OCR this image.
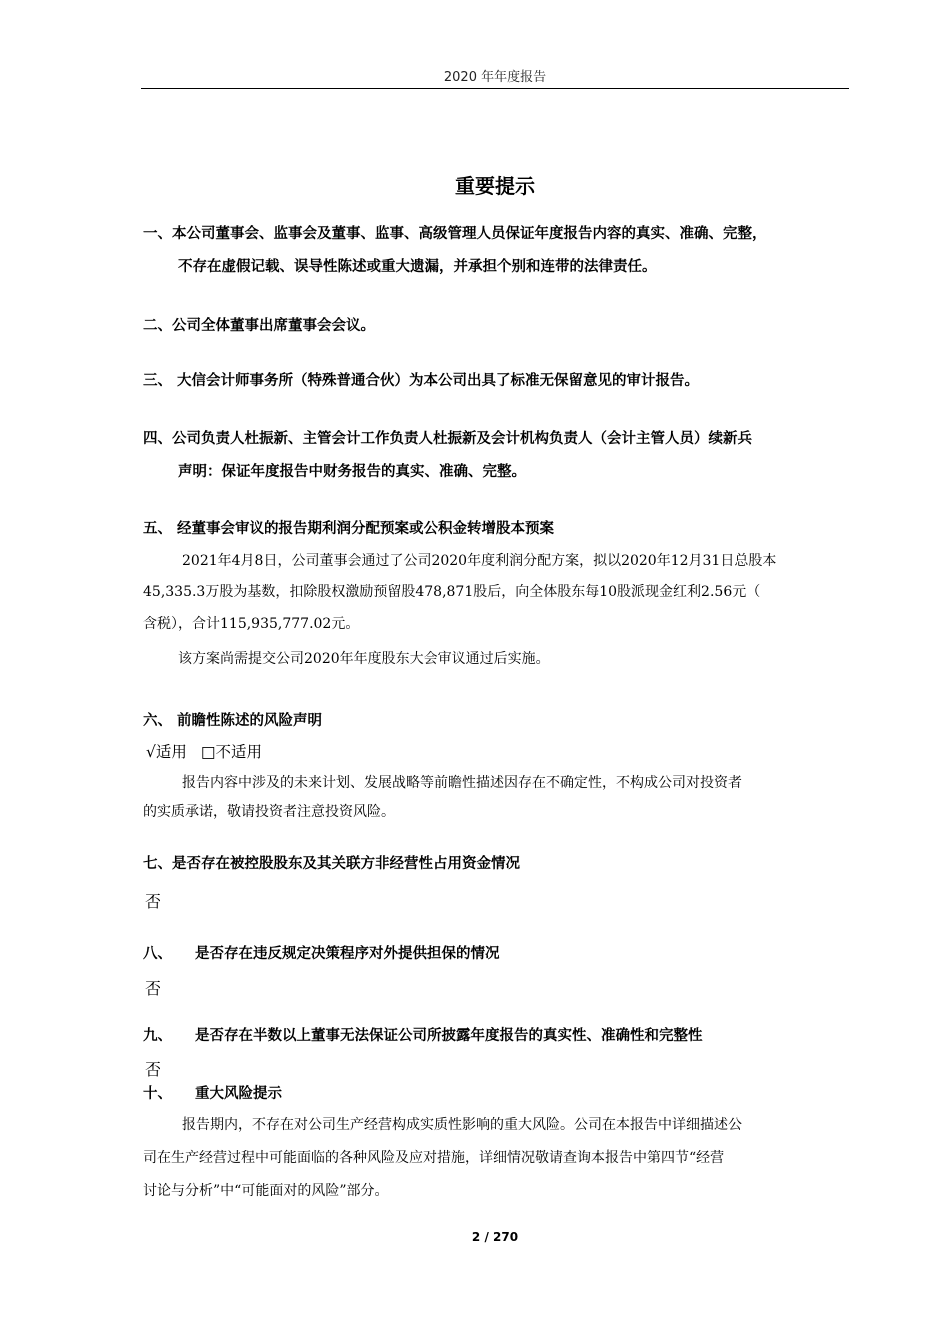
2020 年年度报告
重要提示
一、本公司董事会、监事会及董事、监事、高级管理人员保证年度报告内容的真实、准确、完整，
不存在虚假记载、误导性陈述或重大遗漏，并承担个别和连带的法律责任。
二、公司全体董事出席董事会会议。
三、 大信会计师事务所（特殊普通合伙）为本公司出具了标准无保留意见的审计报告。
四、公司负责人杜振新、主管会计工作负责人杜振新及会计机构负责人（会计主管人员）续新兵
声明：保证年度报告中财务报告的真实、准确、完整。
五、 经董事会审议的报告期利润分配预案或公积金转增股本预案
2021年4月8日，公司董事会通过了公司2020年度利润分配方案，拟以2020年12月31日总股本
45,335.3万股为基数，扣除股权激励预留股478,871股后，向全体股东每10股派现金红利2.56元（
含税），合计115,935,777.02元。
该方案尚需提交公司2020年年度股东大会审议通过后实施。
六、 前瞻性陈述的风险声明
√适用 □不适用
报告内容中涉及的未来计划、发展战略等前瞻性描述因存在不确定性，不构成公司对投资者
的实质承诺，敬请投资者注意投资风险。
七、是否存在被控股股东及其关联方非经营性占用资金情况
否
八、 是否存在违反规定决策程序对外提供担保的情况
否
九、 是否存在半数以上董事无法保证公司所披露年度报告的真实性、准确性和完整性
否
十、 重大风险提示
报告期内，不存在对公司生产经营构成实质性影响的重大风险。公司在本报告中详细描述公
司在生产经营过程中可能面临的各种风险及应对措施，详细情况敬请查询本报告中第四节“经营
讨论与分析”中“可能面对的风险”部分。
2 / 270
